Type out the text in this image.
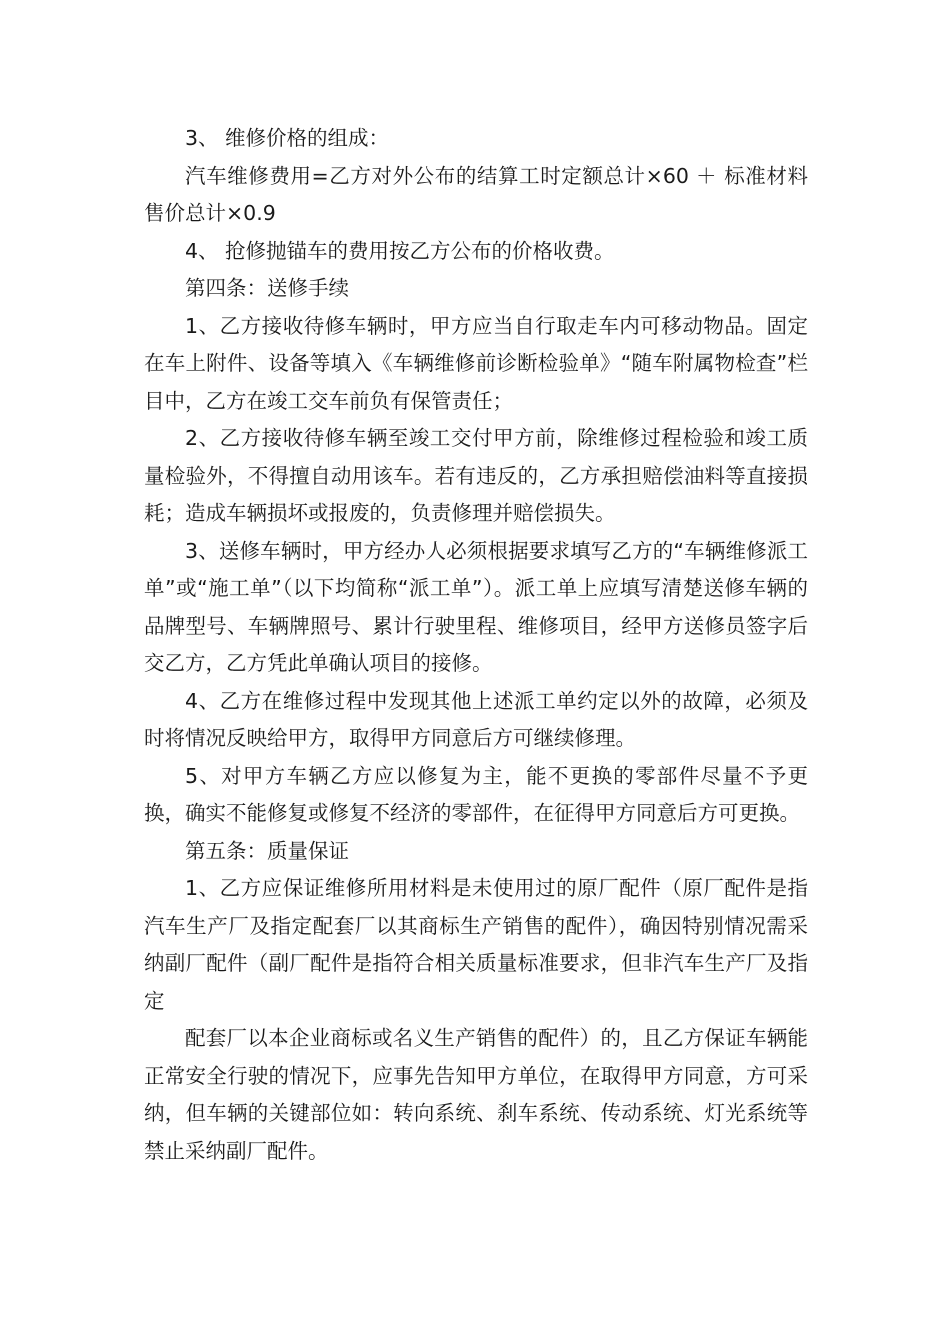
3、 维修价格的组成：

汽车维修费用=乙方对外公布的结算工时定额总计×60 ＋ 标准材料售价总计×0.9

4、 抢修抛锚车的费用按乙方公布的价格收费。

第四条：送修手续

1、乙方接收待修车辆时，甲方应当自行取走车内可移动物品。固定在车上附件、设备等填入《车辆维修前诊断检验单》“随车附属物检查”栏目中，乙方在竣工交车前负有保管责任；

2、乙方接收待修车辆至竣工交付甲方前，除维修过程检验和竣工质量检验外，不得擅自动用该车。若有违反的，乙方承担赔偿油料等直接损耗；造成车辆损坏或报废的，负责修理并赔偿损失。

3、送修车辆时，甲方经办人必须根据要求填写乙方的“车辆维修派工单”或“施工单”（以下均简称“派工单”）。派工单上应填写清楚送修车辆的品牌型号、车辆牌照号、累计行驶里程、维修项目，经甲方送修员签字后交乙方，乙方凭此单确认项目的接修。

4、乙方在维修过程中发现其他上述派工单约定以外的故障，必须及时将情况反映给甲方，取得甲方同意后方可继续修理。

5、对甲方车辆乙方应以修复为主，能不更换的零部件尽量不予更换，确实不能修复或修复不经济的零部件，在征得甲方同意后方可更换。

第五条：质量保证

1、乙方应保证维修所用材料是未使用过的原厂配件（原厂配件是指汽车生产厂及指定配套厂以其商标生产销售的配件），确因特别情况需采纳副厂配件（副厂配件是指符合相关质量标准要求，但非汽车生产厂及指定

配套厂以本企业商标或名义生产销售的配件）的，且乙方保证车辆能正常安全行驶的情况下，应事先告知甲方单位，在取得甲方同意，方可采纳，但车辆的关键部位如：转向系统、刹车系统、传动系统、灯光系统等禁止采纳副厂配件。
